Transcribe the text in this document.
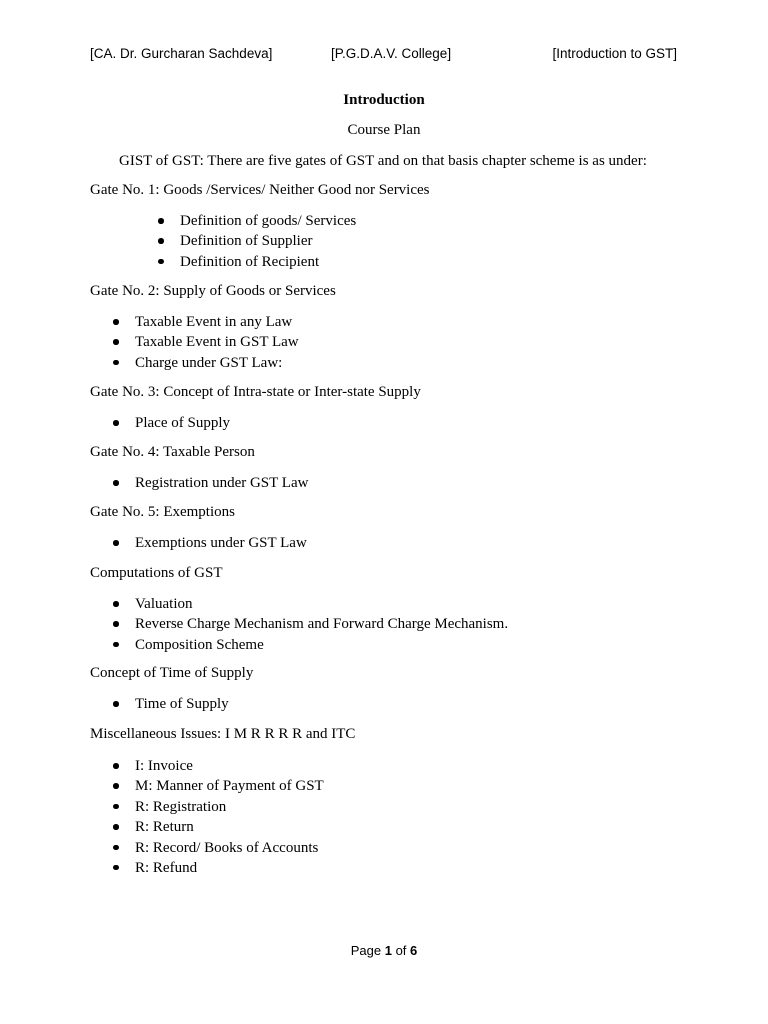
[CA. Dr. Gurcharan Sachdeva]	[P.G.D.A.V. College]	[Introduction to GST]
Introduction
Course Plan
GIST of GST: There are five gates of GST and on that basis chapter scheme is as under:
Gate No. 1: Goods /Services/ Neither Good nor Services
Definition of goods/ Services
Definition of Supplier
Definition of Recipient
Gate No. 2: Supply of Goods or Services
Taxable Event in any Law
Taxable Event in GST Law
Charge under GST Law:
Gate No. 3: Concept of Intra-state or Inter-state Supply
Place of Supply
Gate No. 4: Taxable Person
Registration under GST Law
Gate No. 5: Exemptions
Exemptions under GST Law
Computations of GST
Valuation
Reverse Charge Mechanism and Forward Charge Mechanism.
Composition Scheme
Concept of Time of Supply
Time of Supply
Miscellaneous Issues: I M R R R R and ITC
I: Invoice
M: Manner of Payment of GST
R: Registration
R: Return
R: Record/ Books of Accounts
R: Refund
Page 1 of 6
